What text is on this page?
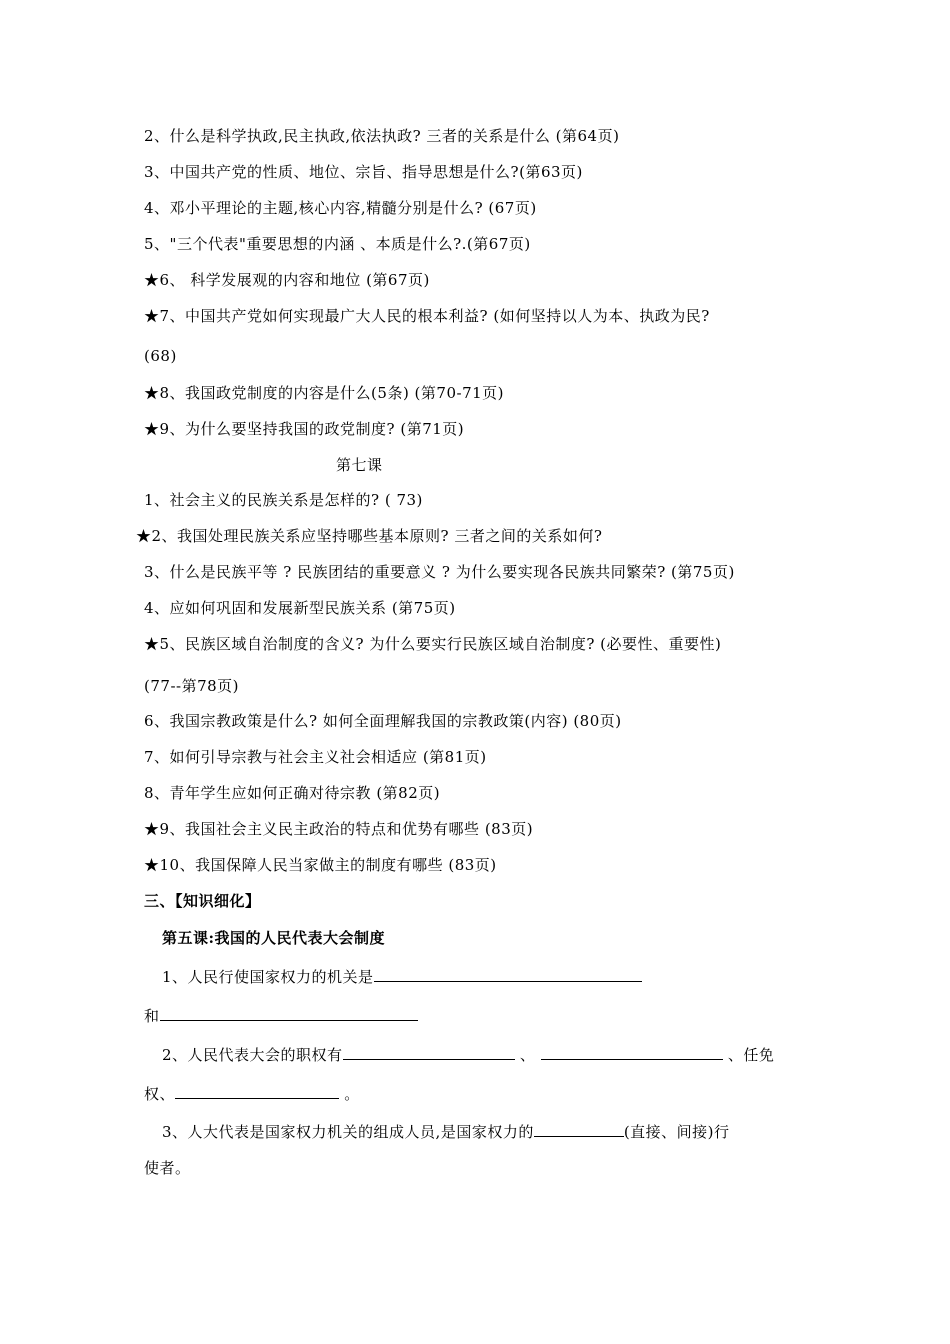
2、什么是科学执政,民主执政,依法执政? 三者的关系是什么 (第64页)
3、中国共产党的性质、地位、宗旨、指导思想是什么?(第63页)
4、邓小平理论的主题,核心内容,精髓分别是什么? (67页)
5、"三个代表"重要思想的内涵 、本质是什么?.(第67页)
★6、 科学发展观的内容和地位 (第67页)
★7、中国共产党如何实现最广大人民的根本利益? (如何坚持以人为本、执政为民?
(68)
★8、我国政党制度的内容是什么(5条) (第70-71页)
★9、为什么要坚持我国的政党制度? (第71页)
第七课
1、社会主义的民族关系是怎样的? ( 73)
★2、我国处理民族关系应坚持哪些基本原则? 三者之间的关系如何?
3、什么是民族平等 ? 民族团结的重要意义 ? 为什么要实现各民族共同繁荣? (第75页)
4、应如何巩固和发展新型民族关系 (第75页)
★5、民族区域自治制度的含义? 为什么要实行民族区域自治制度? (必要性、重要性)
(77--第78页)
6、我国宗教政策是什么? 如何全面理解我国的宗教政策(内容) (80页)
7、如何引导宗教与社会主义社会相适应 (第81页)
8、青年学生应如何正确对待宗教 (第82页)
★9、我国社会主义民主政治的特点和优势有哪些 (83页)
★10、我国保障人民当家做主的制度有哪些 (83页)
三、【知识细化】
第五课:我国的人民代表大会制度
1、人民行使国家权力的机关是
和
2、人民代表大会的职权有	、	、任免
权、	。
3、人大代表是国家权力机关的组成人员,是国家权力的	(直接、间接)行
使者。
